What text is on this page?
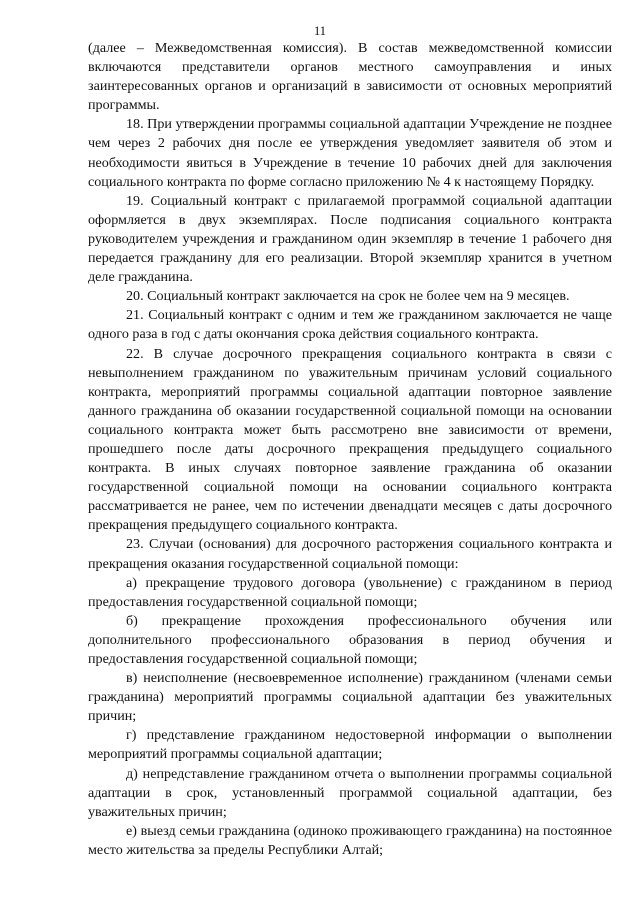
11

(далее – Межведомственная комиссия). В состав межведомственной комиссии включаются представители органов местного самоуправления и иных заинтересованных органов и организаций в зависимости от основных мероприятий программы.

18. При утверждении программы социальной адаптации Учреждение не позднее чем через 2 рабочих дня после ее утверждения уведомляет заявителя об этом и необходимости явиться в Учреждение в течение 10 рабочих дней для заключения социального контракта по форме согласно приложению № 4 к настоящему Порядку.

19. Социальный контракт с прилагаемой программой социальной адаптации оформляется в двух экземплярах. После подписания социального контракта руководителем учреждения и гражданином один экземпляр в течение 1 рабочего дня передается гражданину для его реализации. Второй экземпляр хранится в учетном деле гражданина.

20. Социальный контракт заключается на срок не более чем на 9 месяцев.

21. Социальный контракт с одним и тем же гражданином заключается не чаще одного раза в год с даты окончания срока действия социального контракта.

22. В случае досрочного прекращения социального контракта в связи с невыполнением гражданином по уважительным причинам условий социального контракта, мероприятий программы социальной адаптации повторное заявление данного гражданина об оказании государственной социальной помощи на основании социального контракта может быть рассмотрено вне зависимости от времени, прошедшего после даты досрочного прекращения предыдущего социального контракта. В иных случаях повторное заявление гражданина об оказании государственной социальной помощи на основании социального контракта рассматривается не ранее, чем по истечении двенадцати месяцев с даты досрочного прекращения предыдущего социального контракта.

23. Случаи (основания) для досрочного расторжения социального контракта и прекращения оказания государственной социальной помощи:

а) прекращение трудового договора (увольнение) с гражданином в период предоставления государственной социальной помощи;

б) прекращение прохождения профессионального обучения или дополнительного профессионального образования в период обучения и предоставления государственной социальной помощи;

в) неисполнение (несвоевременное исполнение) гражданином (членами семьи гражданина) мероприятий программы социальной адаптации без уважительных причин;

г) представление гражданином недостоверной информации о выполнении мероприятий программы социальной адаптации;

д) непредставление гражданином отчета о выполнении программы социальной адаптации в срок, установленный программой социальной адаптации, без уважительных причин;

е) выезд семьи гражданина (одиноко проживающего гражданина) на постоянное место жительства за пределы Республики Алтай;
